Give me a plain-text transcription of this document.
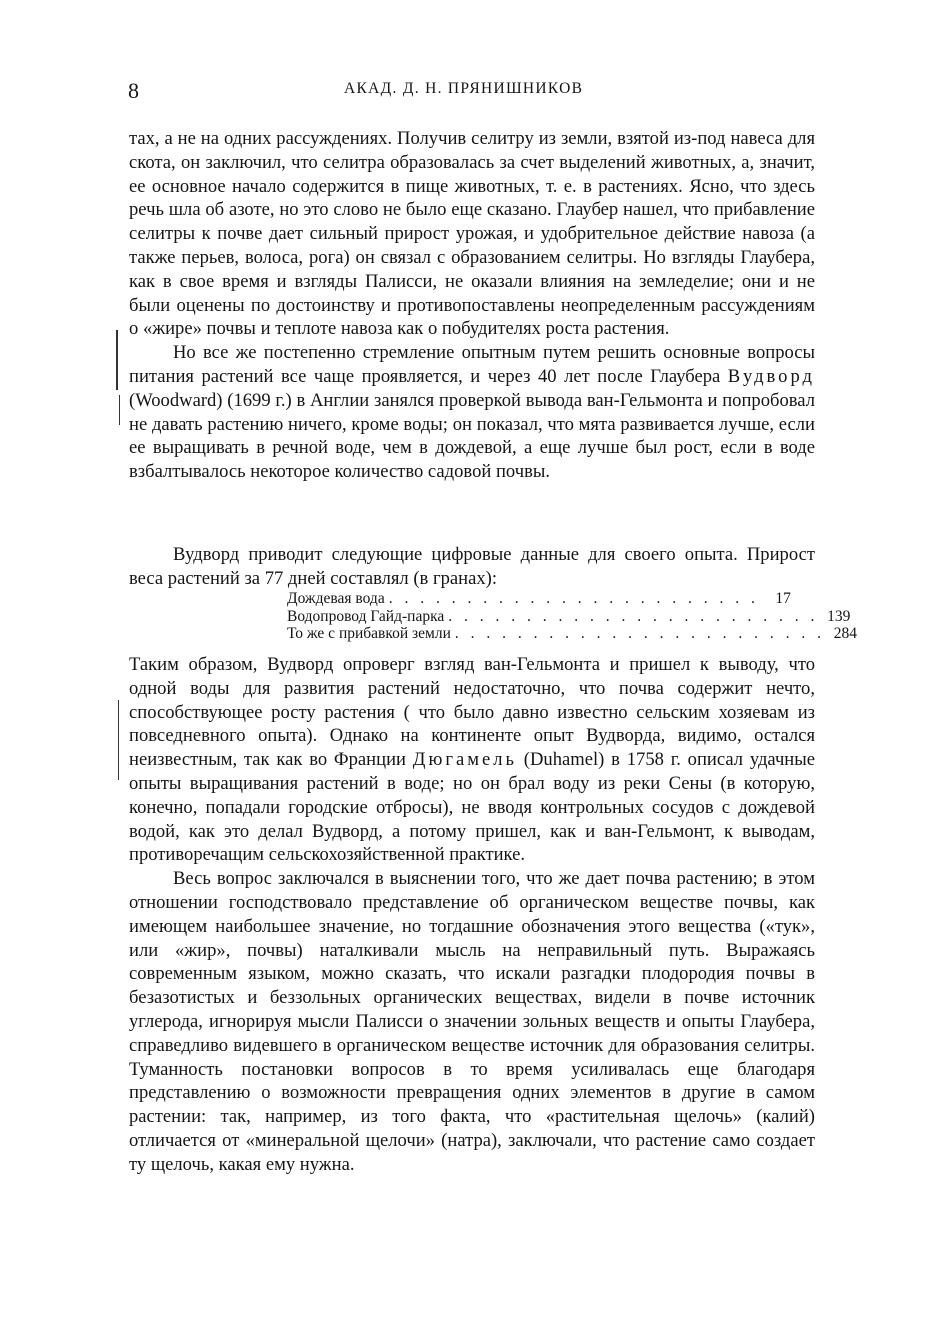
8	АКАД. Д. Н. ПРЯНИШНИКОВ

тах, а не на одних рассуждениях. Получив селитру из земли, взятой из-под навеса для скота, он заключил, что селитра образовалась за счет выделений животных, а, значит, ее основное начало содержится в пище животных, т. е. в растениях. Ясно, что здесь речь шла об азоте, но это слово не было еще сказано. Глаубер нашел, что прибавление селитры к почве дает сильный прирост урожая, и удобрительное действие навоза (а также перьев, волоса, рога) он связал с образованием селитры. Но взгляды Глаубера, как в свое время и взгляды Палисси, не оказали влияния на земледелие; они и не были оценены по достоинству и противопоставлены неопределенным рассуждениям о «жире» почвы и теплоте навоза как о побудителях роста растения.

Но все же постепенно стремление опытным путем решить основные вопросы питания растений все чаще проявляется, и через 40 лет после Глаубера Вудворд (Woodward) (1699 г.) в Англии занялся проверкой вывода ван-Гельмонта и попробовал не давать растению ничего, кроме воды; он показал, что мята развивается лучше, если ее выращивать в речной воде, чем в дождевой, а еще лучше был рост, если в воде взбалтывалось некоторое количество садовой почвы.

Вудворд приводит следующие цифровые данные для своего опыта. Прирост веса растений за 77 дней составлял (в гранах):

Дождевая вода . . . . . . . . . . . . . . . . . . . . . . . .	17
Водопровод Гайд-парка . . . . . . . . . . . . . . . . . . . . . . . . 139
То же с прибавкой земли . . . . . . . . . . . . . . . . . . . . . . . . 284

Таким образом, Вудворд опроверг взгляд ван-Гельмонта и пришел к выводу, что одной воды для развития растений недостаточно, что почва содержит нечто, способствующее росту растения ( что было давно известно сельским хозяевам из повседневного опыта). Однако на континенте опыт Вудворда, видимо, остался неизвестным, так как во Франции Дюгамель (Duhamel) в 1758 г. описал удачные опыты выращивания растений в воде; но он брал воду из реки Сены (в которую, конечно, попадали городские отбросы), не вводя контрольных сосудов с дождевой водой, как это делал Вудворд, а потому пришел, как и ван-Гельмонт, к выводам, противоречащим сельскохозяйственной практике.

Весь вопрос заключался в выяснении того, что же дает почва растению; в этом отношении господствовало представление об органическом веществе почвы, как имеющем наибольшее значение, но тогдашние обозначения этого вещества («тук», или «жир», почвы) наталкивали мысль на неправильный путь. Выражаясь современным языком, можно сказать, что искали разгадки плодородия почвы в безазотистых и беззольных органических веществах, видели в почве источник углерода, игнорируя мысли Палисси о значении зольных веществ и опыты Глаубера, справедливо видевшего в органическом веществе источник для образования селитры. Туманность постановки вопросов в то время усиливалась еще благодаря представлению о возможности превращения одних элементов в другие в самом растении: так, например, из того факта, что «растительная щелочь» (калий) отличается от «минеральной щелочи» (натра), заключали, что растение само создает ту щелочь, какая ему нужна.
